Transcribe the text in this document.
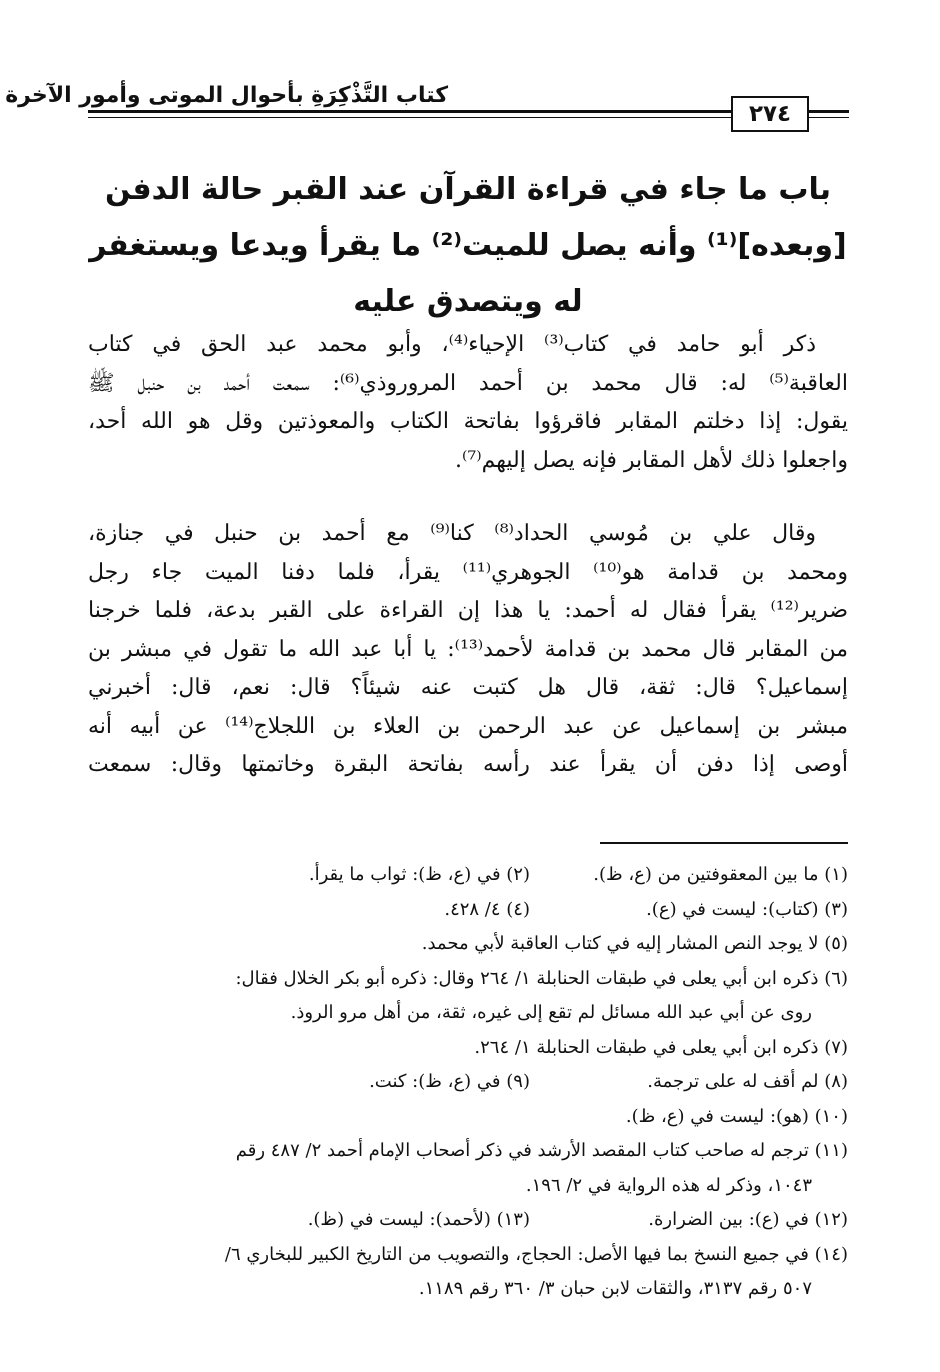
كتاب التَّذْكِرَةِ بأحوال الموتى وأمور الآخرة
٢٧٤
باب ما جاء في قراءة القرآن عند القبر حالة الدفن
[وبعده]⁽¹⁾ وأنه يصل للميت⁽²⁾ ما يقرأ ويدعا ويستغفر
له ويتصدق عليه
ذكر أبو حامد في كتاب⁽³⁾ الإحياء⁽⁴⁾، وأبو محمد عبد الحق في كتاب
العاقبة⁽⁵⁾ له: قال محمد بن أحمد المروروذي⁽⁶⁾: سمعت أحمد بن حنبل ﷺ
يقول: إذا دخلتم المقابر فاقرؤوا بفاتحة الكتاب والمعوذتين وقل هو الله أحد،
واجعلوا ذلك لأهل المقابر فإنه يصل إليهم⁽⁷⁾.
وقال علي بن مُوسي الحداد⁽⁸⁾ كنا⁽⁹⁾ مع أحمد بن حنبل في جنازة،
ومحمد بن قدامة هو⁽¹⁰⁾ الجوهري⁽¹¹⁾ يقرأ، فلما دفنا الميت جاء رجل
ضرير⁽¹²⁾ يقرأ فقال له أحمد: يا هذا إن القراءة على القبر بدعة، فلما خرجنا
من المقابر قال محمد بن قدامة لأحمد⁽¹³⁾: يا أبا عبد الله ما تقول في مبشر بن
إسماعيل؟ قال: ثقة، قال هل كتبت عنه شيئاً؟ قال: نعم، قال: أخبرني
مبشر بن إسماعيل عن عبد الرحمن بن العلاء بن اللجلاج⁽¹⁴⁾ عن أبيه أنه
أوصى إذا دفن أن يقرأ عند رأسه بفاتحة البقرة وخاتمتها وقال: سمعت
(١) ما بين المعقوفتين من (ع، ظ).
(٢) في (ع، ظ): ثواب ما يقرأ.
(٣) (كتاب): ليست في (ع).
(٤) ٤/ ٤٢٨.
(٥) لا يوجد النص المشار إليه في كتاب العاقبة لأبي محمد.
(٦) ذكره ابن أبي يعلى في طبقات الحنابلة ١/ ٢٦٤ وقال: ذكره أبو بكر الخلال فقال:
روى عن أبي عبد الله مسائل لم تقع إلى غيره، ثقة، من أهل مرو الروذ.
(٧) ذكره ابن أبي يعلى في طبقات الحنابلة ١/ ٢٦٤.
(٨) لم أقف له على ترجمة.
(٩) في (ع، ظ): كنت.
(١٠) (هو): ليست في (ع، ظ).
(١١) ترجم له صاحب كتاب المقصد الأرشد في ذكر أصحاب الإمام أحمد ٢/ ٤٨٧ رقم
١٠٤٣، وذكر له هذه الرواية في ٢/ ١٩٦.
(١٢) في (ع): بين الضرارة.
(١٣) (لأحمد): ليست في (ظ).
(١٤) في جميع النسخ بما فيها الأصل: الحجاج، والتصويب من التاريخ الكبير للبخاري ٦/
٥٠٧ رقم ٣١٣٧، والثقات لابن حبان ٣/ ٣٦٠ رقم ١١٨٩.
